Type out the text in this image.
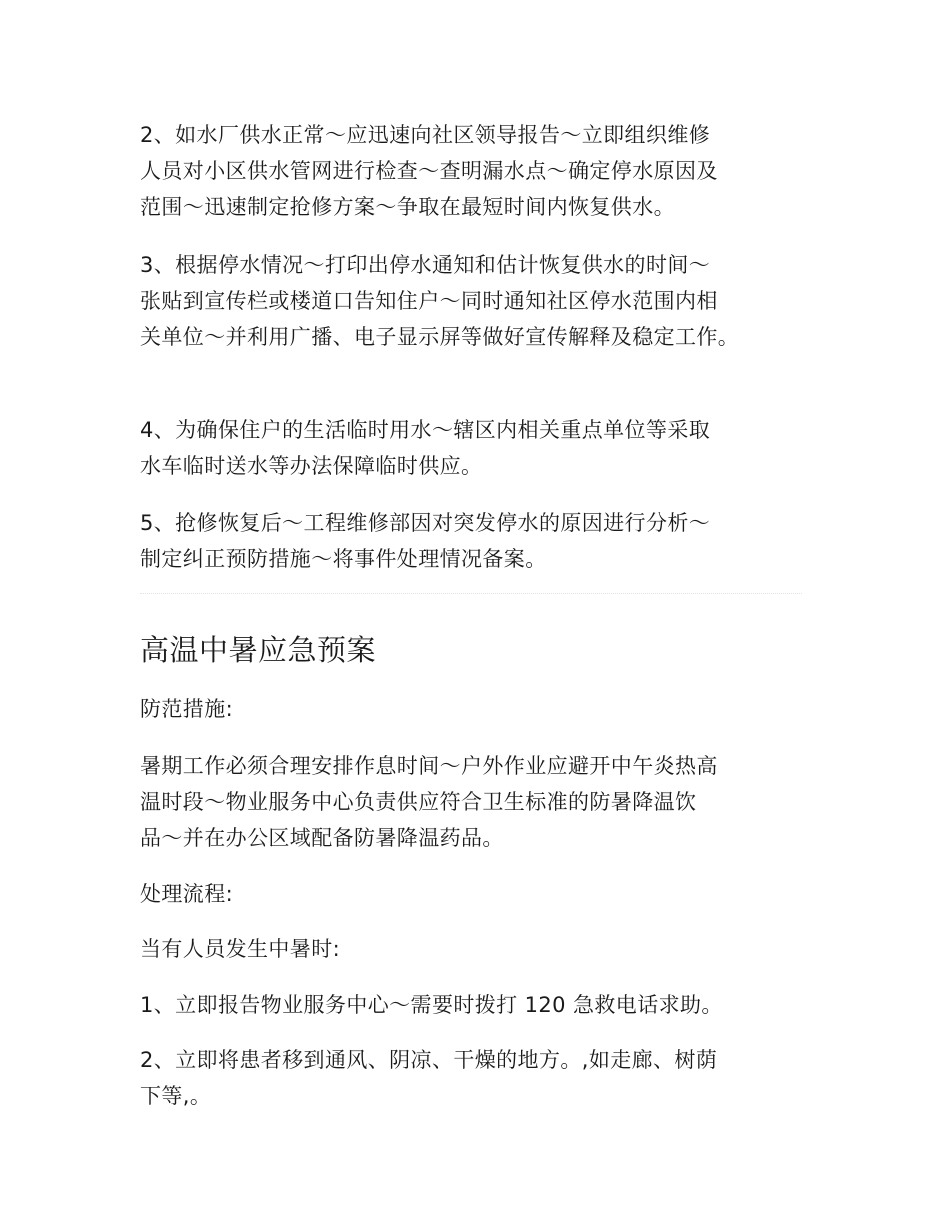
2、如水厂供水正常～应迅速向社区领导报告～立即组织维修
人员对小区供水管网进行检查～查明漏水点～确定停水原因及
范围～迅速制定抢修方案～争取在最短时间内恢复供水。

3、根据停水情况～打印出停水通知和估计恢复供水的时间～
张贴到宣传栏或楼道口告知住户～同时通知社区停水范围内相
关单位～并利用广播、电子显示屏等做好宣传解释及稳定工作。

4、为确保住户的生活临时用水～辖区内相关重点单位等采取
水车临时送水等办法保障临时供应。

5、抢修恢复后～工程维修部因对突发停水的原因进行分析～
制定纠正预防措施～将事件处理情况备案。

高温中暑应急预案

防范措施:

暑期工作必须合理安排作息时间～户外作业应避开中午炎热高
温时段～物业服务中心负责供应符合卫生标准的防暑降温饮
品～并在办公区域配备防暑降温药品。

处理流程:

当有人员发生中暑时:

1、立即报告物业服务中心～需要时拨打 120 急救电话求助。

2、立即将患者移到通风、阴凉、干燥的地方。,如走廊、树荫
下等,。
